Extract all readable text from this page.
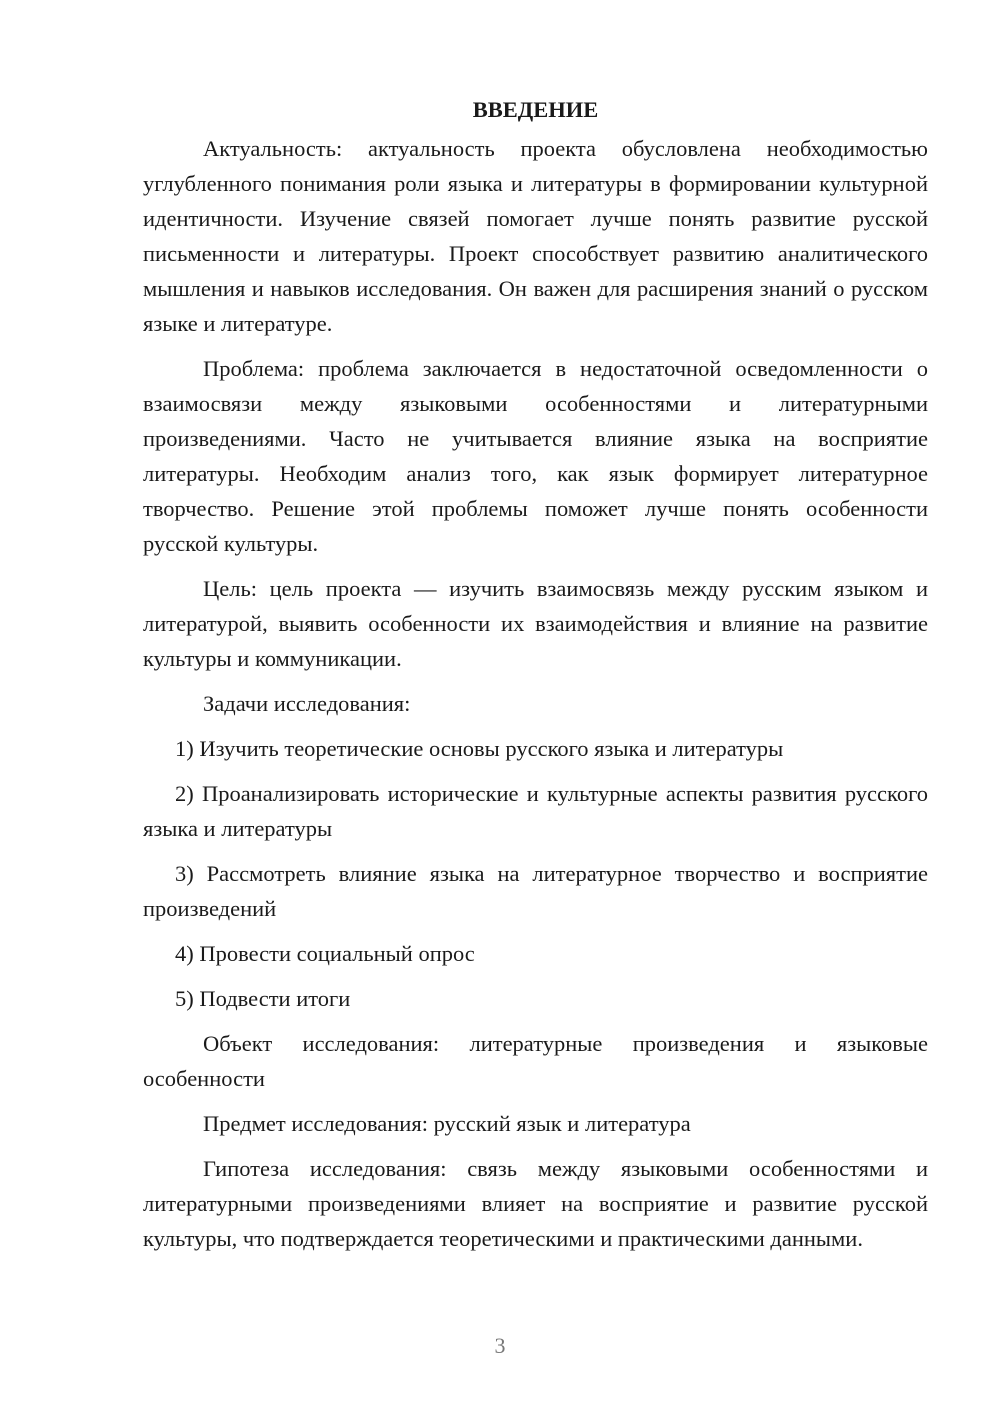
ВВЕДЕНИЕ

Актуальность: актуальность проекта обусловлена необходимостью углубленного понимания роли языка и литературы в формировании культурной идентичности. Изучение связей помогает лучше понять развитие русской письменности и литературы. Проект способствует развитию аналитического мышления и навыков исследования. Он важен для расширения знаний о русском языке и литературе.

Проблема: проблема заключается в недостаточной осведомленности о взаимосвязи между языковыми особенностями и литературными произведениями. Часто не учитывается влияние языка на восприятие литературы. Необходим анализ того, как язык формирует литературное творчество. Решение этой проблемы поможет лучше понять особенности русской культуры.

Цель: цель проекта — изучить взаимосвязь между русским языком и литературой, выявить особенности их взаимодействия и влияние на развитие культуры и коммуникации.

Задачи исследования:

1) Изучить теоретические основы русского языка и литературы

2) Проанализировать исторические и культурные аспекты развития русского языка и литературы

3) Рассмотреть влияние языка на литературное творчество и восприятие произведений

4) Провести социальный опрос

5) Подвести итоги

Объект исследования: литературные произведения и языковые особенности

Предмет исследования: русский язык и литература

Гипотеза исследования: связь между языковыми особенностями и литературными произведениями влияет на восприятие и развитие русской культуры, что подтверждается теоретическими и практическими данными.

3
